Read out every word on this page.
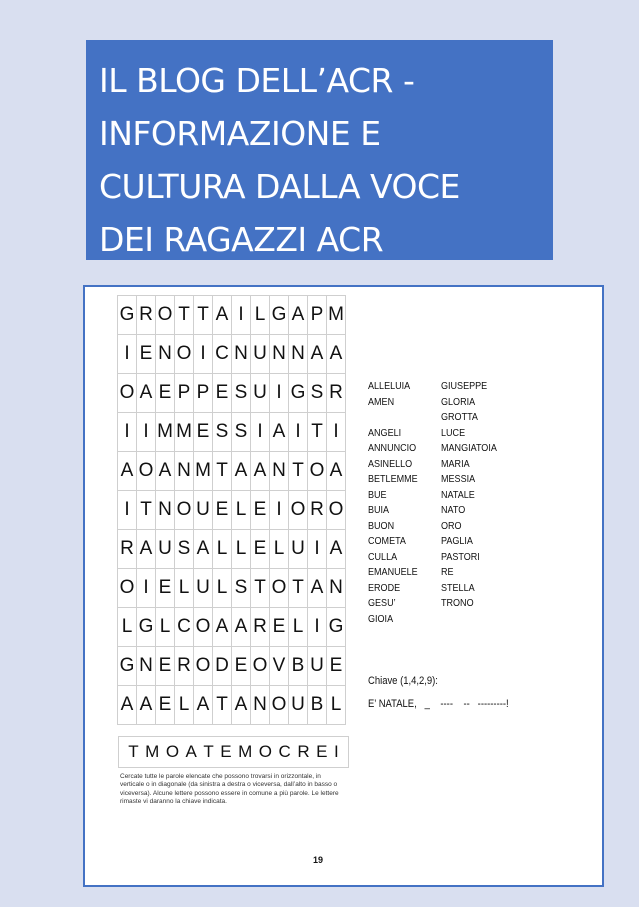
IL BLOG DELL’ACR -
INFORMAZIONE E
CULTURA DALLA VOCE
DEI RAGAZZI ACR
G	R	O	T	T	A	I	L	G	A	P	M
I	E	N	O	I	C	N	U	N	N	A	A
O	A	E	P	P	E	S	U	I	G	S	R
I	I	M	M	E	S	S	I	A	I	T	I
A	O	A	N	M	T	A	A	N	T	O	A
I	T	N	O	U	E	L	E	I	O	R	O
R	A	U	S	A	L	L	E	L	U	I	A
O	I	E	L	U	L	S	T	O	T	A	N
L	G	L	C	O	A	A	R	E	L	I	G
G	N	E	R	O	D	E	O	V	B	U	E
A	A	E	L	A	T	A	N	O	U	B	L
T M O A T E M O C R E I
Cercate tutte le parole elencate che possono trovarsi in orizzontale, in verticale o in diagonale (da sinistra a destra o viceversa, dall’alto in basso o viceversa). Alcune lettere possono essere in comune a più parole. Le lettere rimaste vi daranno la chiave indicata.
ALLELUIA
AMEN
ANGELI
ANNUNCIO
ASINELLO
BETLEMME
BUE
BUIA
BUON
COMETA
CULLA
EMANUELE
ERODE
GESU’
GIOIA
GIUSEPPE
GLORIA
GROTTA
LUCE
MANGIATOIA
MARIA
MESSIA
NATALE
NATO
ORO
PAGLIA
PASTORI
RE
STELLA
TRONO
Chiave (1,4,2,9):
E’ NATALE,   _    ----    --   ---------!
19
